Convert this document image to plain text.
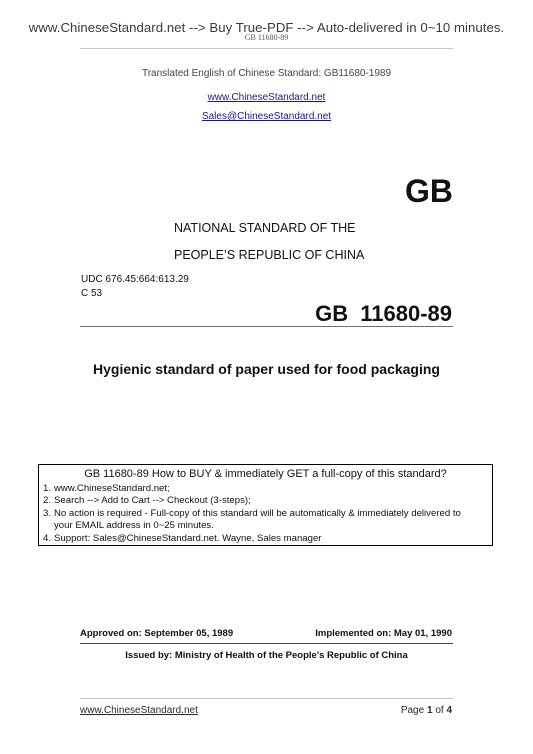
www.ChineseStandard.net --> Buy True-PDF --> Auto-delivered in 0~10 minutes.
GB 11680-89
Translated English of Chinese Standard: GB11680-1989
www.ChineseStandard.net
Sales@ChineseStandard.net
GB
NATIONAL STANDARD OF THE
PEOPLE’S REPUBLIC OF CHINA
UDC 676.45:664:613.29
C 53
GB 11680-89
Hygienic standard of paper used for food packaging
GB 11680-89 How to BUY & immediately GET a full-copy of this standard?
1. www.ChineseStandard.net;
2. Search --> Add to Cart --> Checkout (3-steps);
3. No action is required - Full-copy of this standard will be automatically & immediately delivered to
your EMAIL address in 0~25 minutes.
4. Support: Sales@ChineseStandard.net. Wayne, Sales manager
Approved on: September 05, 1989	Implemented on: May 01, 1990
Issued by: Ministry of Health of the People's Republic of China
www.ChineseStandard.net	Page 1 of 4
